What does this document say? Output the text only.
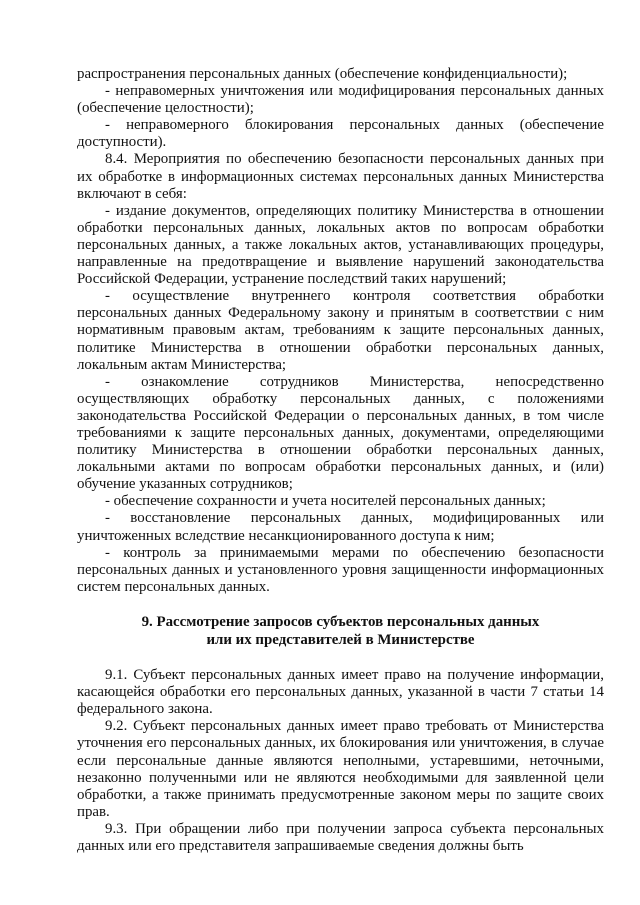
распространения персональных данных (обеспечение конфиденциальности);

- неправомерных уничтожения или модифицирования персональных данных (обеспечение целостности);

- неправомерного блокирования персональных данных (обеспечение доступности).

8.4. Мероприятия по обеспечению безопасности персональных данных при их обработке в информационных системах персональных данных Министерства включают в себя:

- издание документов, определяющих политику Министерства в отношении обработки персональных данных, локальных актов по вопросам обработки персональных данных, а также локальных актов, устанавливающих процедуры, направленные на предотвращение и выявление нарушений законодательства Российской Федерации, устранение последствий таких нарушений;

- осуществление внутреннего контроля соответствия обработки персональных данных Федеральному закону и принятым в соответствии с ним нормативным правовым актам, требованиям к защите персональных данных, политике Министерства в отношении обработки персональных данных, локальным актам Министерства;

- ознакомление сотрудников Министерства, непосредственно осуществляющих обработку персональных данных, с положениями законодательства Российской Федерации о персональных данных, в том числе требованиями к защите персональных данных, документами, определяющими политику Министерства в отношении обработки персональных данных, локальными актами по вопросам обработки персональных данных, и (или) обучение указанных сотрудников;

- обеспечение сохранности и учета носителей персональных данных;

- восстановление персональных данных, модифицированных или уничтоженных вследствие несанкционированного доступа к ним;

- контроль за принимаемыми мерами по обеспечению безопасности персональных данных и установленного уровня защищенности информационных систем персональных данных.

9. Рассмотрение запросов субъектов персональных данных

или их представителей в Министерстве

9.1. Субъект персональных данных имеет право на получение информации, касающейся обработки его персональных данных, указанной в части 7 статьи 14 федерального закона.

9.2. Субъект персональных данных имеет право требовать от Министерства уточнения его персональных данных, их блокирования или уничтожения, в случае если персональные данные являются неполными, устаревшими, неточными, незаконно полученными или не являются необходимыми для заявленной цели обработки, а также принимать предусмотренные законом меры по защите своих прав.

9.3. При обращении либо при получении запроса субъекта персональных данных или его представителя запрашиваемые сведения должны быть
